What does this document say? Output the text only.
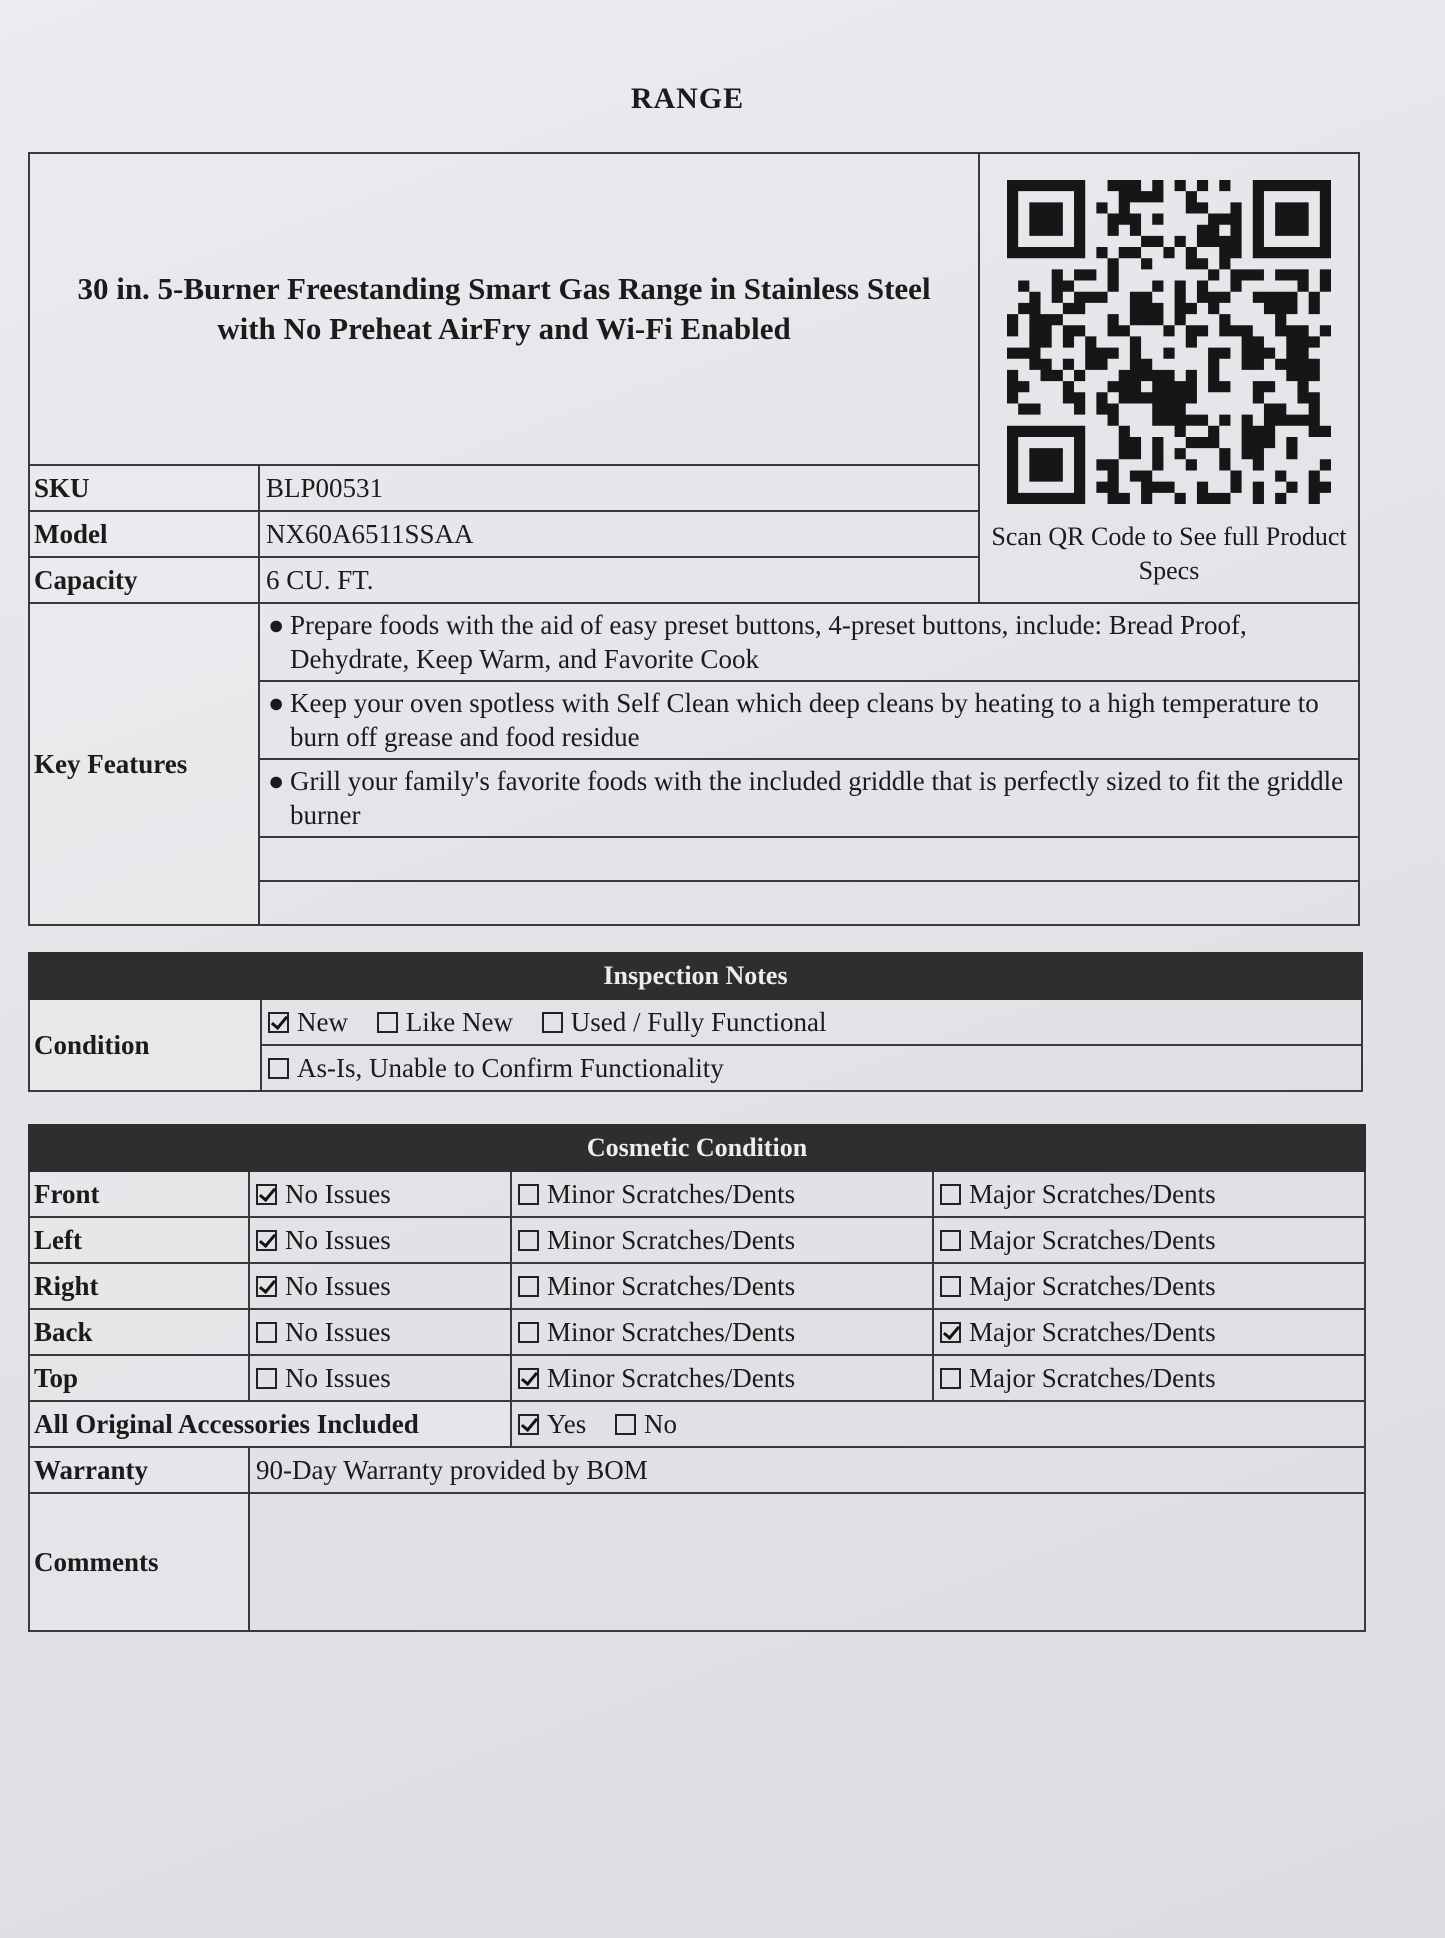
RANGE
30 in. 5-Burner Freestanding Smart Gas Range in Stainless Steel with No Preheat AirFry and Wi-Fi Enabled		Scan QR Code to See full Product Specs

SKU	BLP00531	
Model	NX60A6511SSAA	
Capacity	6 CU. FT.	
Key Features	● Prepare foods with the aid of easy preset buttons, 4-preset buttons, include: Bread Proof, Dehydrate, Keep Warm, and Favorite Cook	

	● Keep your oven spotless with Self Clean which deep cleans by heating to a high temperature to burn off grease and food residue	

	● Grill your family's favorite foods with the included griddle that is perfectly sized to fit the griddle burner	

Inspection Notes
Condition	New Like New Used / Fully Functional
As-Is, Unable to Confirm Functionality
Cosmetic Condition			
Front	No Issues	Minor Scratches/Dents	Major Scratches/Dents
Left	No Issues	Minor Scratches/Dents	Major Scratches/Dents
Right	No Issues	Minor Scratches/Dents	Major Scratches/Dents
Back	No Issues	Minor Scratches/Dents	Major Scratches/Dents
Top	No Issues	Minor Scratches/Dents	Major Scratches/Dents
All Original Accessories Included		Yes No	
Warranty	90-Day Warranty provided by BOM		
Comments			
